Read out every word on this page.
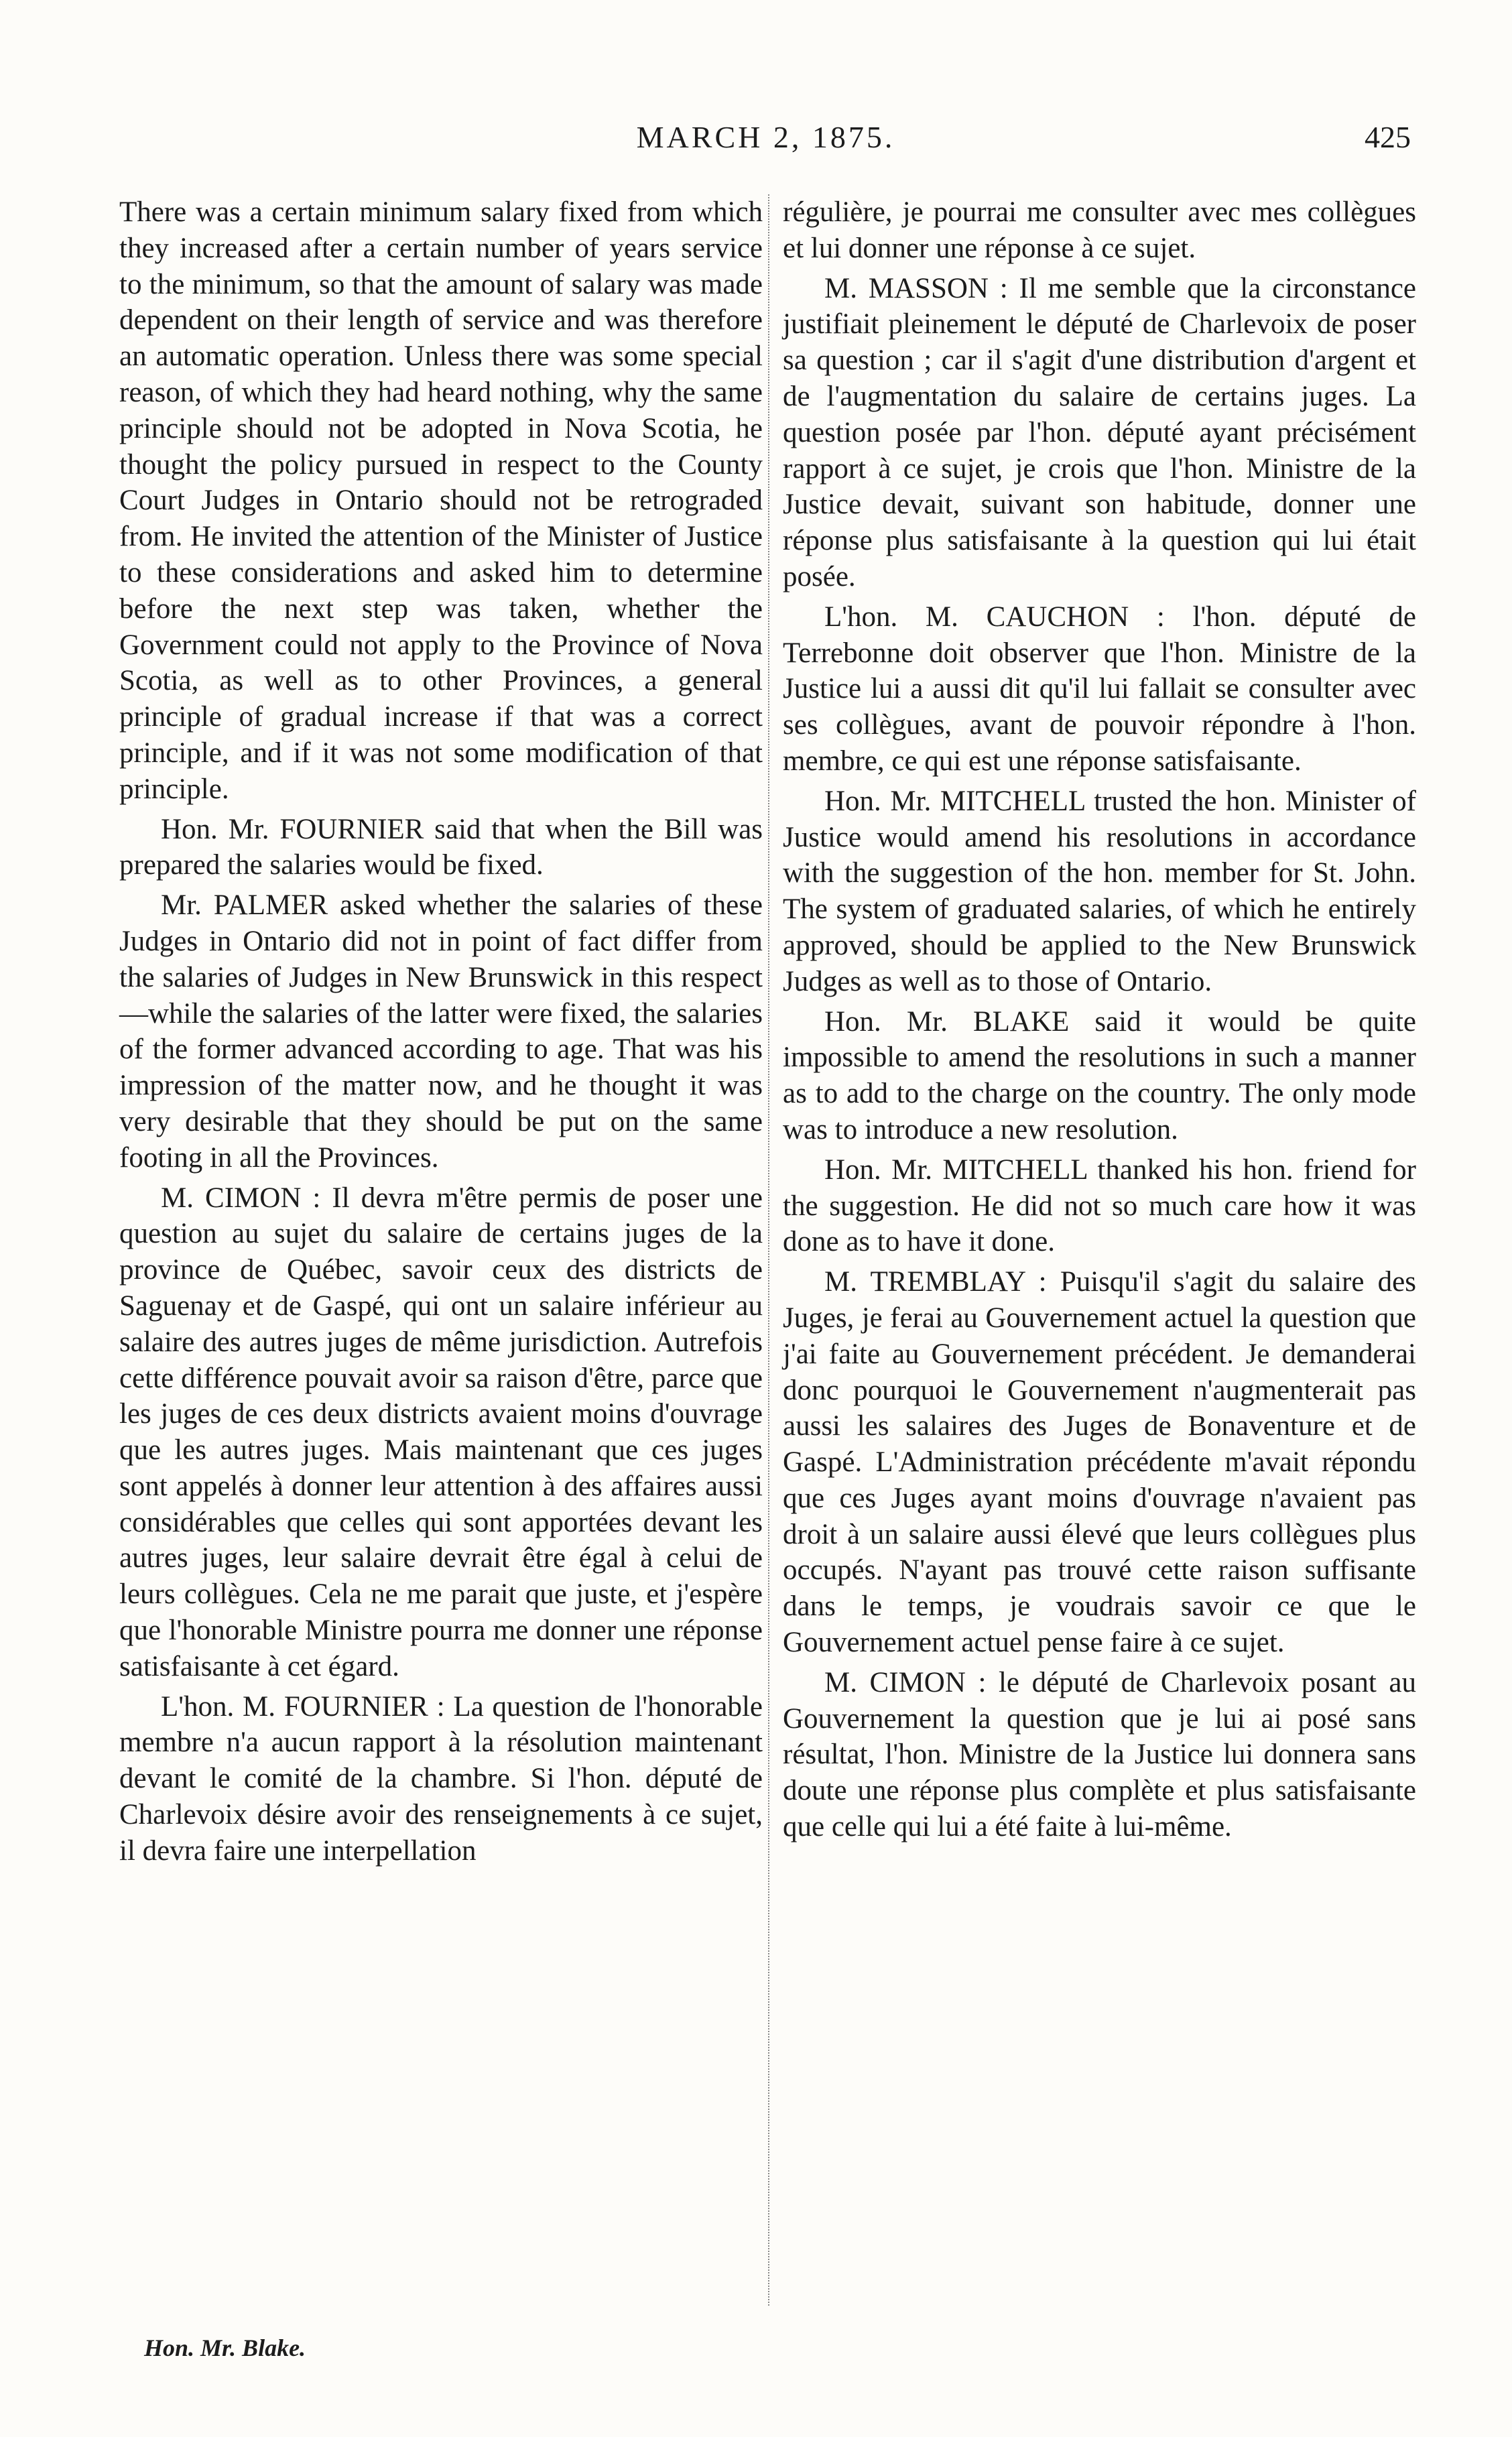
MARCH 2, 1875.	425

There was a certain minimum salary fixed from which they increased after a certain number of years service to the minimum, so that the amount of salary was made dependent on their length of service and was therefore an automatic operation. Unless there was some special reason, of which they had heard nothing, why the same principle should not be adopted in Nova Scotia, he thought the policy pursued in respect to the County Court Judges in Ontario should not be retrograded from. He invited the attention of the Minister of Justice to these considerations and asked him to determine before the next step was taken, whether the Government could not apply to the Province of Nova Scotia, as well as to other Provinces, a general principle of gradual increase if that was a correct principle, and if it was not some modification of that principle.

Hon. Mr. FOURNIER said that when the Bill was prepared the salaries would be fixed.

Mr. PALMER asked whether the salaries of these Judges in Ontario did not in point of fact differ from the salaries of Judges in New Brunswick in this respect —while the salaries of the latter were fixed, the salaries of the former advanced according to age. That was his impression of the matter now, and he thought it was very desirable that they should be put on the same footing in all the Provinces.

M. CIMON : Il devra m'être permis de poser une question au sujet du salaire de certains juges de la province de Québec, savoir ceux des districts de Saguenay et de Gaspé, qui ont un salaire inférieur au salaire des autres juges de même jurisdiction. Autrefois cette différence pouvait avoir sa raison d'être, parce que les juges de ces deux districts avaient moins d'ouvrage que les autres juges. Mais maintenant que ces juges sont appelés à donner leur attention à des affaires aussi considérables que celles qui sont apportées devant les autres juges, leur salaire devrait être égal à celui de leurs collègues. Cela ne me parait que juste, et j'espère que l'honorable Ministre pourra me donner une réponse satisfaisante à cet égard.

L'hon. M. FOURNIER : La question de l'honorable membre n'a aucun rapport à la résolution maintenant devant le comité de la chambre. Si l'hon. député de Charlevoix désire avoir des renseignements à ce sujet, il devra faire une interpellation

régulière, je pourrai me consulter avec mes collègues et lui donner une réponse à ce sujet.

M. MASSON : Il me semble que la circonstance justifiait pleinement le député de Charlevoix de poser sa question ; car il s'agit d'une distribution d'argent et de l'augmentation du salaire de certains juges. La question posée par l'hon. député ayant précisément rapport à ce sujet, je crois que l'hon. Ministre de la Justice devait, suivant son habitude, donner une réponse plus satisfaisante à la question qui lui était posée.

L'hon. M. CAUCHON : l'hon. député de Terrebonne doit observer que l'hon. Ministre de la Justice lui a aussi dit qu'il lui fallait se consulter avec ses collègues, avant de pouvoir répondre à l'hon. membre, ce qui est une réponse satisfaisante.

Hon. Mr. MITCHELL trusted the hon. Minister of Justice would amend his resolutions in accordance with the suggestion of the hon. member for St. John. The system of graduated salaries, of which he entirely approved, should be applied to the New Brunswick Judges as well as to those of Ontario.

Hon. Mr. BLAKE said it would be quite impossible to amend the resolutions in such a manner as to add to the charge on the country. The only mode was to introduce a new resolution.

Hon. Mr. MITCHELL thanked his hon. friend for the suggestion. He did not so much care how it was done as to have it done.

M. TREMBLAY : Puisqu'il s'agit du salaire des Juges, je ferai au Gouvernement actuel la question que j'ai faite au Gouvernement précédent. Je demanderai donc pourquoi le Gouvernement n'augmenterait pas aussi les salaires des Juges de Bonaventure et de Gaspé. L'Administration précédente m'avait répondu que ces Juges ayant moins d'ouvrage n'avaient pas droit à un salaire aussi élevé que leurs collègues plus occupés. N'ayant pas trouvé cette raison suffisante dans le temps, je voudrais savoir ce que le Gouvernement actuel pense faire à ce sujet.

M. CIMON : le député de Charlevoix posant au Gouvernement la question que je lui ai posé sans résultat, l'hon. Ministre de la Justice lui donnera sans doute une réponse plus complète et plus satisfaisante que celle qui lui a été faite à lui-même.

Hon. Mr. Blake.
